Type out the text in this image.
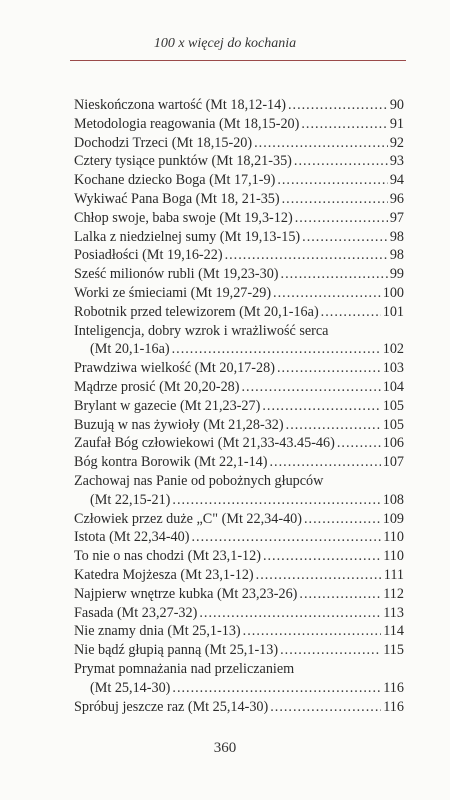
100 x więcej do kochania
Nieskończona wartość (Mt 18,12-14) .....	90
Metodologia reagowania (Mt 18,15-20) .....	91
Dochodzi Trzeci (Mt 18,15-20) .....	92
Cztery tysiące punktów (Mt 18,21-35) .....	93
Kochane dziecko Boga (Mt 17,1-9) .....	94
Wykiwać Pana Boga (Mt 18, 21-35) .....	96
Chłop swoje, baba swoje (Mt 19,3-12) .....	97
Lalka z niedzielnej sumy (Mt 19,13-15) .....	98
Posiadłości (Mt 19,16-22) .....	98
Sześć milionów rubli (Mt 19,23-30) .....	99
Worki ze śmieciami (Mt 19,27-29) .....	100
Robotnik przed telewizorem (Mt 20,1-16a) .....	101
Inteligencja, dobry wzrok i wrażliwość serca
(Mt 20,1-16a) .....	102
Prawdziwa wielkość (Mt 20,17-28) .....	103
Mądrze prosić (Mt 20,20-28) .....	104
Brylant w gazecie (Mt 21,23-27) .....	105
Buzują w nas żywioły (Mt 21,28-32) .....	105
Zaufał Bóg człowiekowi (Mt 21,33-43.45-46) .....	106
Bóg kontra Borowik (Mt 22,1-14) .....	107
Zachowaj nas Panie od pobożnych głupców
(Mt 22,15-21) .....	108
Człowiek przez duże „C" (Mt 22,34-40) .....	109
Istota (Mt 22,34-40) .....	110
To nie o nas chodzi (Mt 23,1-12) .....	110
Katedra Mojżesza (Mt 23,1-12) .....	111
Najpierw wnętrze kubka (Mt 23,23-26) .....	112
Fasada (Mt 23,27-32) .....	113
Nie znamy dnia (Mt 25,1-13) .....	114
Nie bądź głupią panną (Mt 25,1-13) .....	115
Prymat pomnażania nad przeliczaniem
(Mt 25,14-30) .....	116
Spróbuj jeszcze raz (Mt 25,14-30) .....	116
360
